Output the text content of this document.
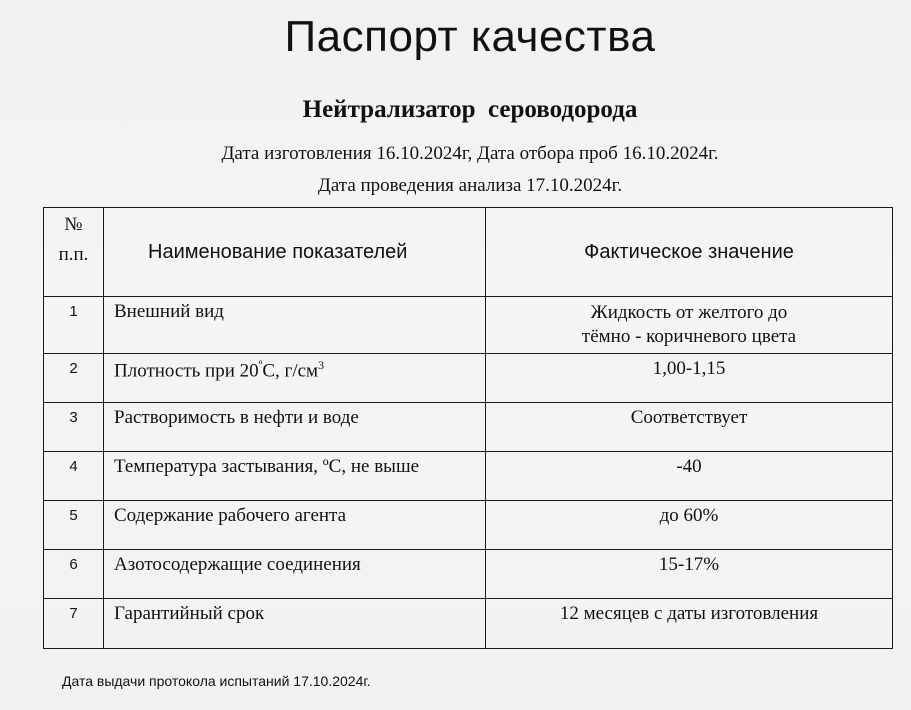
Паспорт качества
Нейтрализатор  сероводорода
Дата изготовления 16.10.2024г, Дата отбора проб 16.10.2024г.
Дата проведения анализа 17.10.2024г.
№
п.п.	Наименование показателей	Фактическое значение
1	Внешний вид	Жидкость от желтого до
тёмно - коричневого цвета

2	Плотность при $20^ºС$, $г/см^3$	1,00-1,15
3	Растворимость в нефти и воде	Соответствует
4	Температура застывания, ºС, не выше	-40
5	Содержание рабочего агента	до 60%
6	Азотосодержащие соединения	15-17%
7	Гарантийный срок	12 месяцев с даты изготовления
Дата выдачи протокола испытаний 17.10.2024г.
